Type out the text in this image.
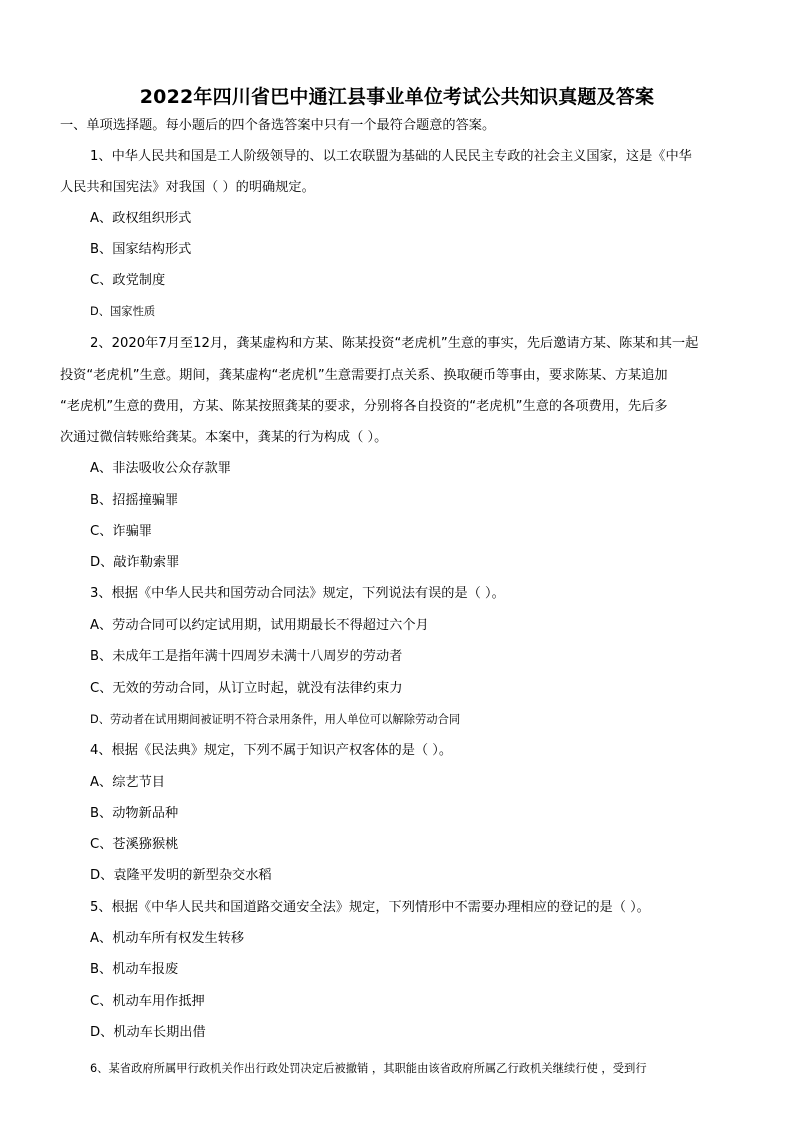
2022年四川省巴中通江县事业单位考试公共知识真题及答案
一、单项选择题。每小题后的四个备选答案中只有一个最符合题意的答案。
1、中华人民共和国是工人阶级领导的、以工农联盟为基础的人民民主专政的社会主义国家，这是《中华
人民共和国宪法》对我国（ ）的明确规定。
A、政权组织形式
B、国家结构形式
C、政党制度
D、国家性质
2、2020年7月至12月，龚某虚构和方某、陈某投资“老虎机”生意的事实，先后邀请方某、陈某和其一起
投资“老虎机”生意。期间，龚某虚构“老虎机”生意需要打点关系、换取硬币等事由，要求陈某、方某追加
“老虎机”生意的费用，方某、陈某按照龚某的要求，分别将各自投资的“老虎机”生意的各项费用，先后多
次通过微信转账给龚某。本案中，龚某的行为构成（ ）。
A、非法吸收公众存款罪
B、招摇撞骗罪
C、诈骗罪
D、敲诈勒索罪
3、根据《中华人民共和国劳动合同法》规定，下列说法有误的是（ ）。
A、劳动合同可以约定试用期，试用期最长不得超过六个月
B、未成年工是指年满十四周岁未满十八周岁的劳动者
C、无效的劳动合同，从订立时起，就没有法律约束力
D、劳动者在试用期间被证明不符合录用条件，用人单位可以解除劳动合同
4、根据《民法典》规定，下列不属于知识产权客体的是（ ）。
A、综艺节目
B、动物新品种
C、苍溪猕猴桃
D、袁隆平发明的新型杂交水稻
5、根据《中华人民共和国道路交通安全法》规定，下列情形中不需要办理相应的登记的是（ ）。
A、机动车所有权发生转移
B、机动车报废
C、机动车用作抵押
D、机动车长期出借
6、某省政府所属甲行政机关作出行政处罚决定后被撤销 ，其职能由该省政府所属乙行政机关继续行使 ，受到行
